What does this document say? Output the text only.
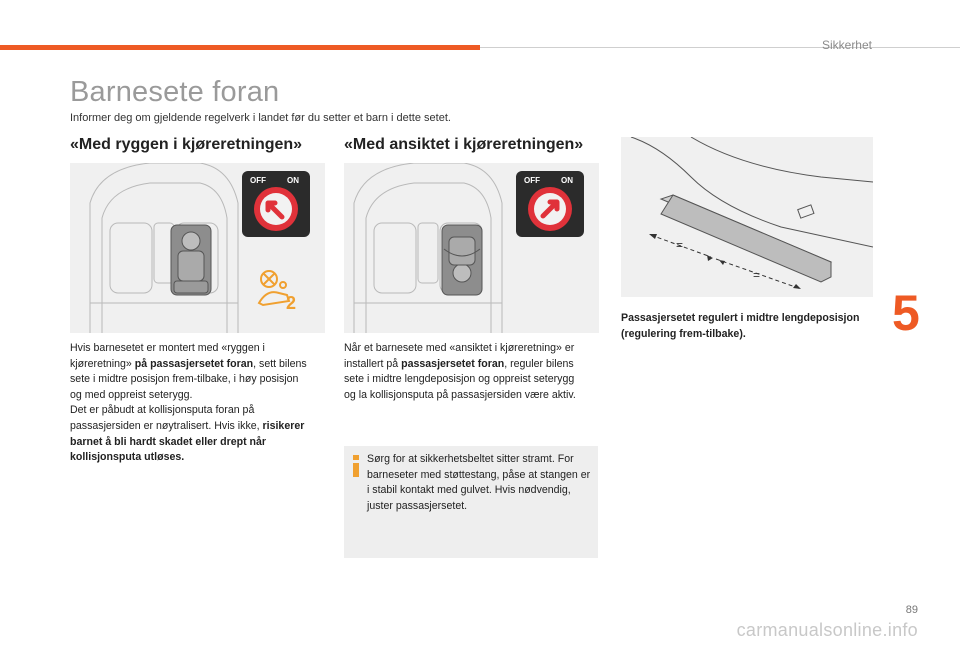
Sikkerhet
Barnesete foran
Informer deg om gjeldende regelverk i landet før du setter et barn i dette setet.
«Med ryggen i kjøreretningen»	«Med ansiktet i kjøreretningen»
OFF	ON
2
OFF	ON
=
=
Hvis barnesetet er montert med «ryggen i kjøreretning» på passasjersetet foran, sett bilens sete i midtre posisjon frem-tilbake, i høy posisjon og med oppreist seterygg.
Det er påbudt at kollisjonsputa foran på passasjersiden er nøytralisert. Hvis ikke, risikerer barnet å bli hardt skadet eller drept når kollisjonsputa utløses.
Når et barnesete med «ansiktet i kjøreretning» er installert på passasjersetet foran, reguler bilens sete i midtre lengdeposisjon og oppreist seterygg og la kollisjonsputa på passasjersiden være aktiv.
Sørg for at sikkerhetsbeltet sitter stramt. For barneseter med støttestang, påse at stangen er i stabil kontakt med gulvet. Hvis nødvendig, juster passasjersetet.
Passasjersetet regulert i midtre lengdeposisjon (regulering frem-tilbake).	5
89
carmanualsonline.info
